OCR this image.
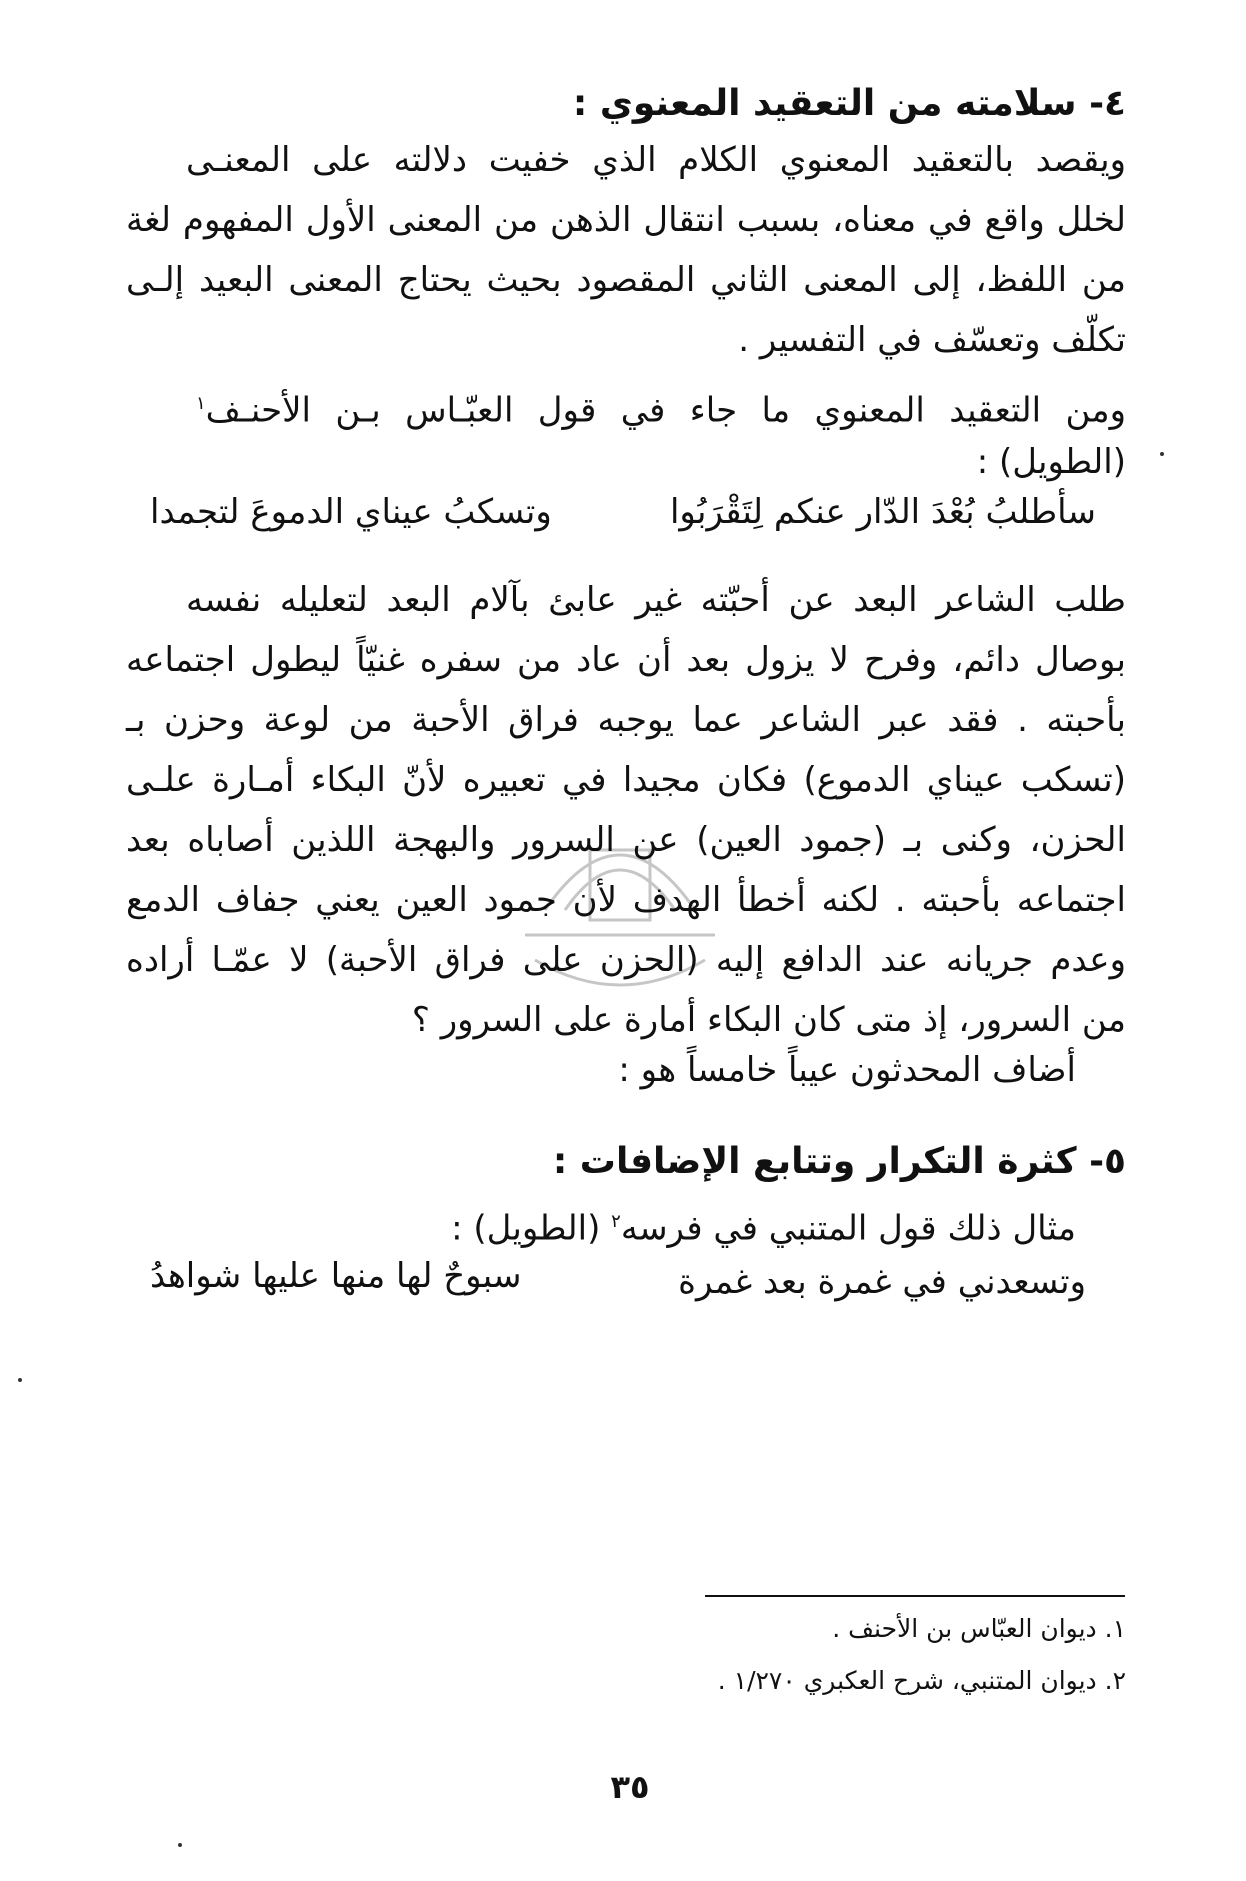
٤- سلامته من التعقيد المعنوي :
ويقصد بالتعقيد المعنوي الكلام الذي خفيت دلالته على المعنـى
لخلل واقع في معناه، بسبب انتقال الذهن من المعنى الأول المفهوم لغة
من اللفظ، إلى المعنى الثاني المقصود بحيث يحتاج المعنى البعيد إلـى
تكلّف وتعسّف في التفسير .
ومن التعقيد المعنوي ما جاء في قول العبّـاس بـن الأحنـف$^١$
(الطويل) :
سأطلبُ بُعْدَ الدّار عنكم لِتَقْرَبُوا
وتسكبُ عيناي الدموعَ لتجمدا
طلب الشاعر البعد عن أحبّته غير عابئ بآلام البعد لتعليله نفسه
بوصال دائم، وفرح لا يزول بعد أن عاد من سفره غنيّاً ليطول اجتماعه
بأحبته . فقد عبر الشاعر عما يوجبه فراق الأحبة من لوعة وحزن بـ
(تسكب عيناي الدموع) فكان مجيدا في تعبيره لأنّ البكاء أمـارة علـى
الحزن، وكنى بـ (جمود العين) عن السرور والبهجة اللذين أصاباه بعد
اجتماعه بأحبته . لكنه أخطأ الهدف لأن جمود العين يعني جفاف الدمع
وعدم جريانه عند الدافع إليه (الحزن على فراق الأحبة) لا عمّـا أراده
من السرور، إذ متى كان البكاء أمارة على السرور ؟
أضاف المحدثون عيباً خامساً هو :
٥- كثرة التكرار وتتابع الإضافات :
مثال ذلك قول المتنبي في فرسه$^٢$ (الطويل) :
وتسعدني في غمرة بعد غمرة
سبوحٌ لها منها عليها شواهدُ
١. ديوان العبّاس بن الأحنف .
٢. ديوان المتنبي، شرح العكبري ١/٢٧٠ .
٣٥
